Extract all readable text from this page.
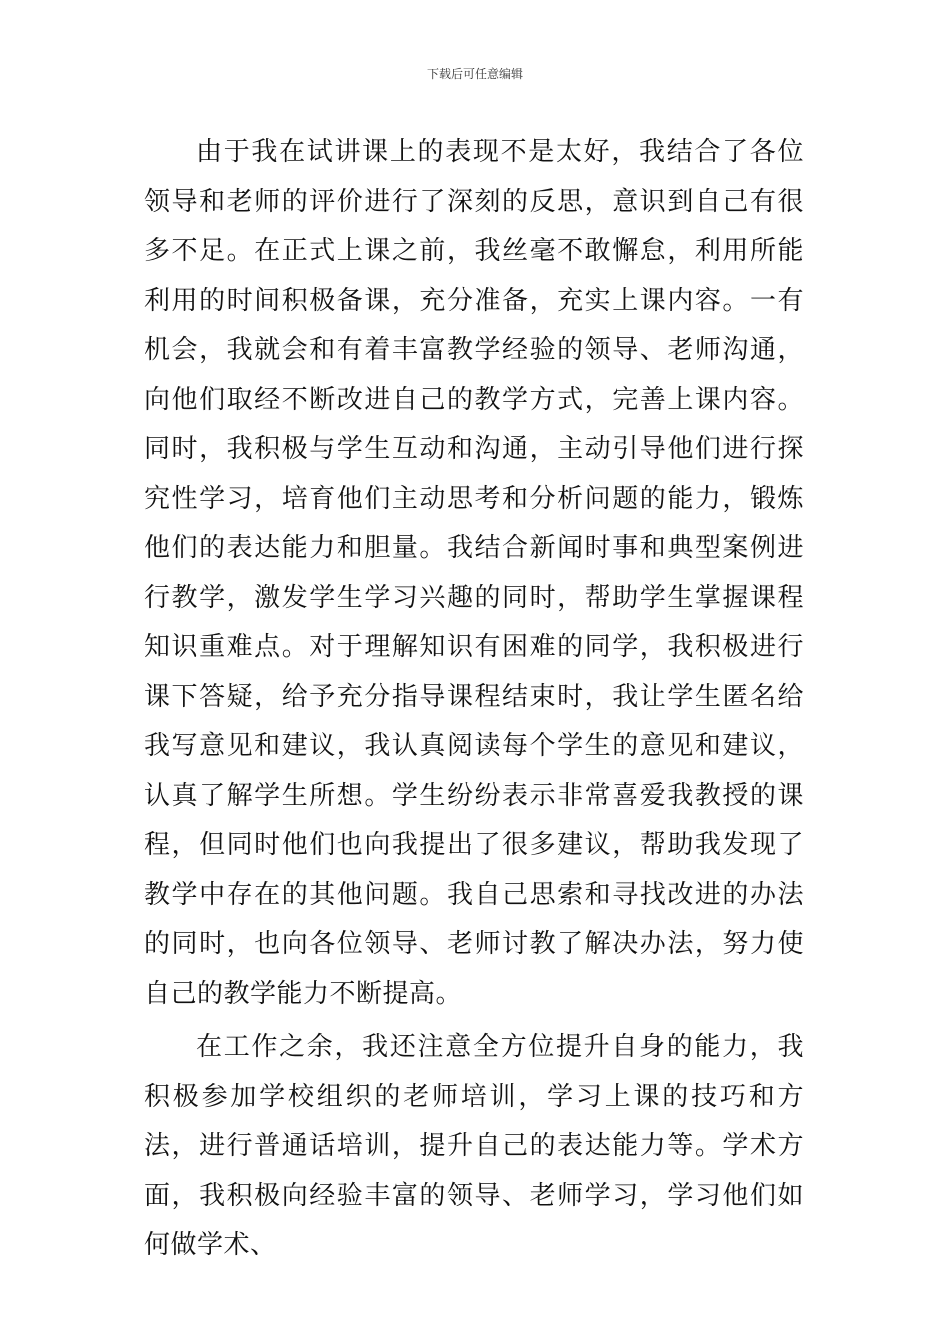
下载后可任意编辑

由于我在试讲课上的表现不是太好，我结合了各位领导和老师的评价进行了深刻的反思，意识到自己有很多不足。在正式上课之前，我丝毫不敢懈怠，利用所能利用的时间积极备课，充分准备，充实上课内容。一有机会，我就会和有着丰富教学经验的领导、老师沟通，向他们取经不断改进自己的教学方式，完善上课内容。同时，我积极与学生互动和沟通，主动引导他们进行探究性学习，培育他们主动思考和分析问题的能力，锻炼他们的表达能力和胆量。我结合新闻时事和典型案例进行教学，激发学生学习兴趣的同时，帮助学生掌握课程知识重难点。对于理解知识有困难的同学，我积极进行课下答疑，给予充分指导课程结束时，我让学生匿名给我写意见和建议，我认真阅读每个学生的意见和建议，认真了解学生所想。学生纷纷表示非常喜爱我教授的课程，但同时他们也向我提出了很多建议，帮助我发现了教学中存在的其他问题。我自己思索和寻找改进的办法的同时，也向各位领导、老师讨教了解决办法，努力使自己的教学能力不断提高。

在工作之余，我还注意全方位提升自身的能力，我积极参加学校组织的老师培训，学习上课的技巧和方法，进行普通话培训，提升自己的表达能力等。学术方面，我积极向经验丰富的领导、老师学习，学习他们如何做学术、
